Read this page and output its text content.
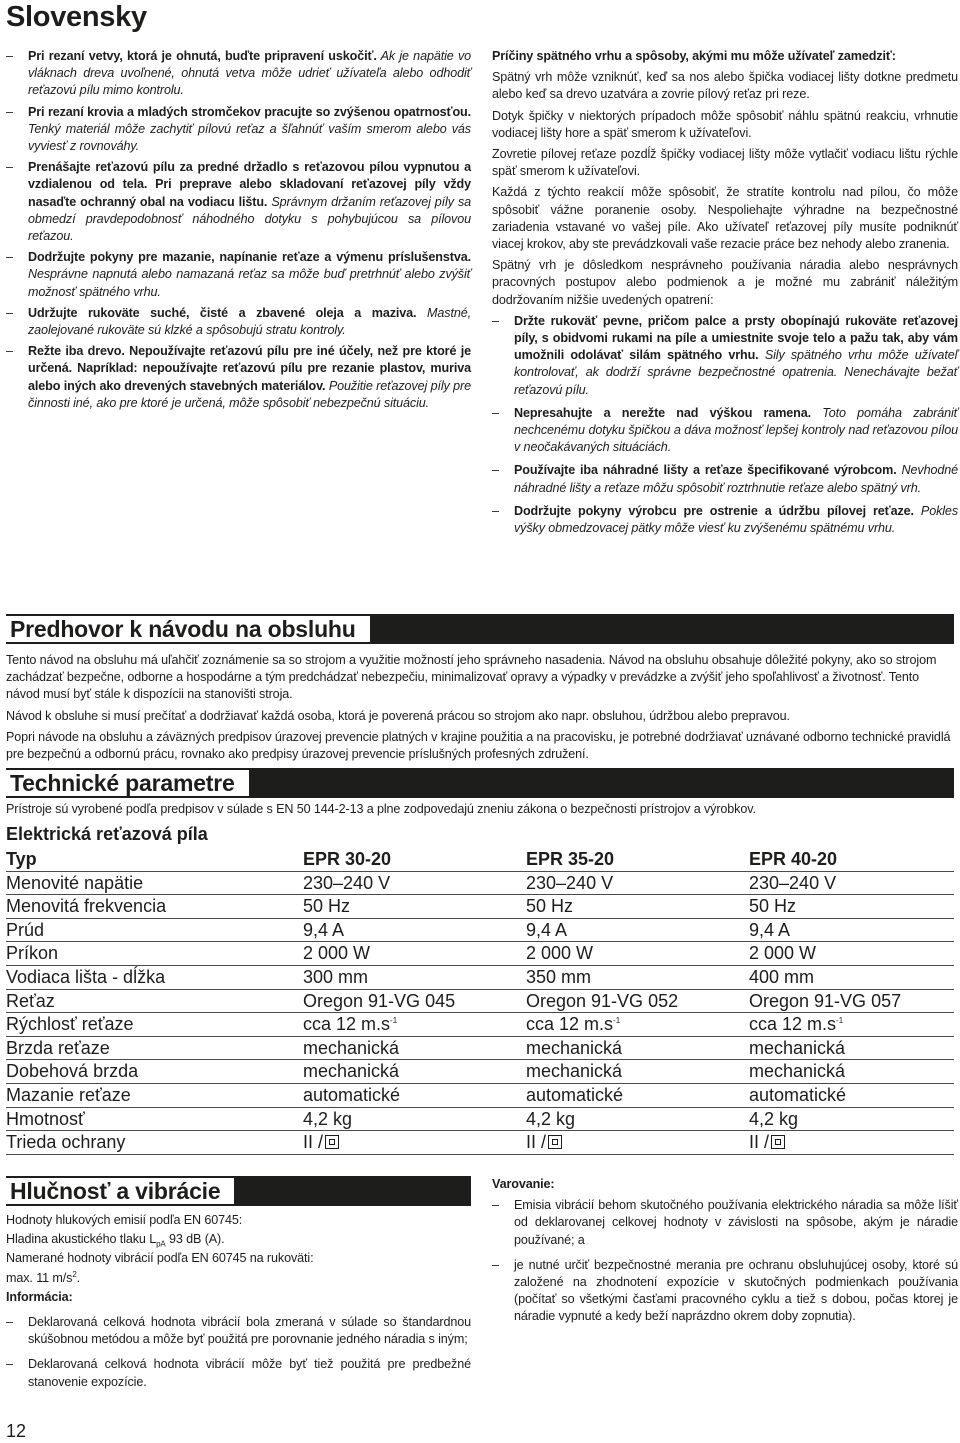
Slovensky
– Pri rezaní vetvy, ktorá je ohnutá, buďte pripravení uskočiť. Ak je napätie vo vláknach dreva uvoľnené, ohnutá vetva môže udrieť užívateľa alebo odhodiť reťazovú pílu mimo kontrolu.
– Pri rezaní krovia a mladých stromčekov pracujte so zvýšenou opatrnosťou. Tenký materiál môže zachytiť pílovú reťaz a šľahnúť vaším smerom alebo vás vyviesť z rovnováhy.
– Prenášajte reťazovú pílu za predné držadlo s reťazovou pílou vypnutou a vzdialenou od tela. Pri preprave alebo skladovaní reťazovej píly vždy nasaďte ochranný obal na vodiacu lištu. Správnym držaním reťazovej píly sa obmedzí pravdepodobnosť náhodného dotyku s pohybujúcou sa pílovou reťazou.
– Dodržujte pokyny pre mazanie, napínanie reťaze a výmenu príslušenstva. Nesprávne napnutá alebo namazaná reťaz sa môže buď pretrhnúť alebo zvýšiť možnosť spätného vrhu.
– Udržujte rukoväte suché, čisté a zbavené oleja a maziva. Mastné, zaolejované rukoväte sú klzké a spôsobujú stratu kontroly.
– Režte iba drevo. Nepoužívajte reťazovú pílu pre iné účely, než pre ktoré je určená. Napríklad: nepoužívajte reťazovú pílu pre rezanie plastov, muriva alebo iných ako drevených stavebných materiálov. Použitie reťazovej píly pre činnosti iné, ako pre ktoré je určená, môže spôsobiť nebezpečnú situáciu.

Príčiny spätného vrhu a spôsoby, akými mu môže užívateľ zamedziť:

Spätný vrh môže vzniknúť, keď sa nos alebo špička vodiacej lišty dotkne predmetu alebo keď sa drevo uzatvára a zovrie pílový reťaz pri reze.

Dotyk špičky v niektorých prípadoch môže spôsobiť náhlu spätnú reakciu, vrhnutie vodiacej lišty hore a späť smerom k užívateľovi.

Zovretie pílovej reťaze pozdĺž špičky vodiacej lišty môže vytlačiť vodiacu lištu rýchle späť smerom k užívateľovi.

Každá z týchto reakcií môže spôsobiť, že stratíte kontrolu nad pílou, čo môže spôsobiť vážne poranenie osoby. Nespoliehajte výhradne na bezpečnostné zariadenia vstavané vo vašej píle. Ako užívateľ reťazovej píly musíte podniknúť viacej krokov, aby ste prevádzkovali vaše rezacie práce bez nehody alebo zranenia.

Spätný vrh je dôsledkom nesprávneho používania náradia alebo nesprávnych pracovných postupov alebo podmienok a je možné mu zabrániť náležitým dodržovaním nižšie uvedených opatrení:

– Držte rukoväť pevne, pričom palce a prsty obopínajú rukoväte reťazovej píly, s obidvomi rukami na píle a umiestnite svoje telo a pažu tak, aby vám umožnili odolávať silám spätného vrhu. Sily spätného vrhu môže užívateľ kontrolovať, ak dodrží správne bezpečnostné opatrenia. Nenechávajte bežať reťazovú pílu.
– Nepresahujte a nerežte nad výškou ramena. Toto pomáha zabrániť nechcenému dotyku špičkou a dáva možnosť lepšej kontroly nad reťazovou pílou v neočakávaných situáciách.
– Používajte iba náhradné lišty a reťaze špecifikované výrobcom. Nevhodné náhradné lišty a reťaze môžu spôsobiť roztrhnutie reťaze alebo spätný vrh.
– Dodržujte pokyny výrobcu pre ostrenie a údržbu pílovej reťaze. Pokles výšky obmedzovacej pätky môže viesť ku zvýšenému spätnému vrhu.
Predhovor k návodu na obsluhu

Tento návod na obsluhu má uľahčiť zoznámenie sa so strojom a využitie možností jeho správneho nasadenia. Návod na obsluhu obsahuje dôležité pokyny, ako so strojom zachádzať bezpečne, odborne a hospodárne a tým predchádzať nebezpečiu, minimalizovať opravy a výpadky v prevádzke a zvýšiť jeho spoľahlivosť a životnosť. Tento návod musí byť stále k dispozícii na stanovišti stroja.

Návod k obsluhe si musí prečítať a dodržiavať každá osoba, ktorá je poverená prácou so strojom ako napr. obsluhou, údržbou alebo prepravou.

Popri návode na obsluhu a záväzných predpisov úrazovej prevencie platných v krajine použitia a na pracovisku, je potrebné dodržiavať uznávané odborno technické pravidlá pre bezpečnú a odbornú prácu, rovnako ako predpisy úrazovej prevencie príslušných profesných združení.

Technické parametre
Prístroje sú vyrobené podľa predpisov v súlade s EN 50 144-2-13 a plne zodpovedajú zneniu zákona o bezpečnosti prístrojov a výrobkov.
Elektrická reťazová píla
Typ	EPR 30-20	EPR 35-20	EPR 40-20
Menovité napätie	230–240 V	230–240 V	230–240 V
Menovitá frekvencia	50 Hz	50 Hz	50 Hz
Prúd	9,4 A	9,4 A	9,4 A
Príkon	2 000 W	2 000 W	2 000 W
Vodiaca lišta - dĺžka	300 mm	350 mm	400 mm
Reťaz	Oregon 91-VG 045	Oregon 91-VG 052	Oregon 91-VG 057
Rýchlosť reťaze	cca 12 $m.s^{-1}$	cca 12 $m.s^{-1}$	cca 12 $m.s^{-1}$
Brzda reťaze	mechanická	mechanická	mechanická
Dobehová brzda	mechanická	mechanická	mechanická
Mazanie reťaze	automatické	automatické	automatické
Hmotnosť	4,2 kg	4,2 kg	4,2 kg
Trieda ochrany	II /	II /	II /
Hlučnosť a vibrácie

Hodnoty hlukových emisií podľa EN 60745:

Hladina akustického tlaku $L_{pA}$ 93 dB (A).

Namerané hodnoty vibrácií podľa EN 60745 na rukoväti:

max. 11 $m/s^2$.

Informácia:

– Deklarovaná celková hodnota vibrácií bola zmeraná v súlade so štandardnou skúšobnou metódou a môže byť použitá pre porovnanie jedného náradia s iným;
– Deklarovaná celková hodnota vibrácií môže byť tiež použitá pre predbežné stanovenie expozície.

Varovanie:

– Emisia vibrácií behom skutočného používania elektrického náradia sa môže líšiť od deklarovanej celkovej hodnoty v závislosti na spôsobe, akým je náradie používané; a
– je nutné určiť bezpečnostné merania pre ochranu obsluhujúcej osoby, ktoré sú založené na zhodnotení expozície v skutočných podmienkach používania (počítať so všetkými časťami pracovného cyklu a tiež s dobou, počas ktorej je náradie vypnuté a kedy beží naprázdno okrem doby zopnutia).
12
